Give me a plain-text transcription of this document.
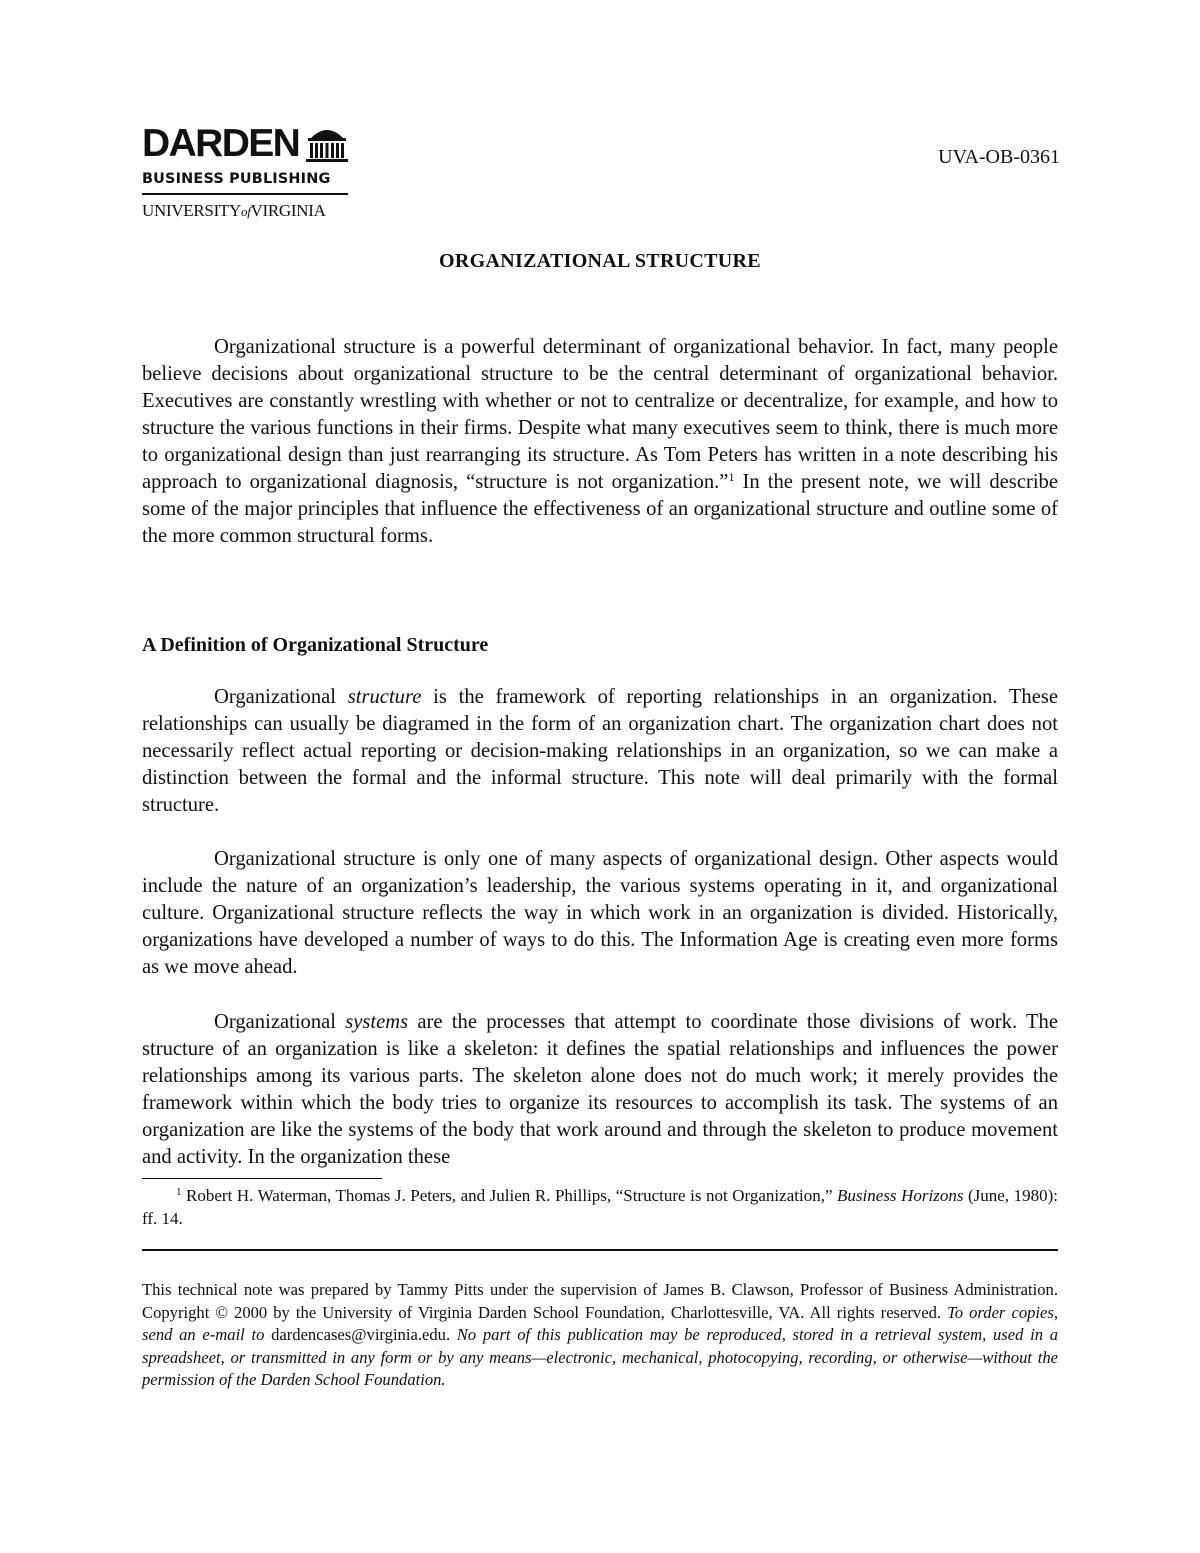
DARDEN
BUSINESS PUBLISHING
UNIVERSITYofVIRGINIA
UVA-OB-0361
ORGANIZATIONAL STRUCTURE

Organizational structure is a powerful determinant of organizational behavior. In fact, many people believe decisions about organizational structure to be the central determinant of organizational behavior. Executives are constantly wrestling with whether or not to centralize or decentralize, for example, and how to structure the various functions in their firms. Despite what many executives seem to think, there is much more to organizational design than just rearranging its structure. As Tom Peters has written in a note describing his approach to organizational diagnosis, “structure is not organization.”$^1$ In the present note, we will describe some of the major principles that influence the effectiveness of an organizational structure and outline some of the more common structural forms.

A Definition of Organizational Structure

Organizational structure is the framework of reporting relationships in an organization. These relationships can usually be diagramed in the form of an organization chart. The organization chart does not necessarily reflect actual reporting or decision-making relationships in an organization, so we can make a distinction between the formal and the informal structure. This note will deal primarily with the formal structure.

Organizational structure is only one of many aspects of organizational design. Other aspects would include the nature of an organization’s leadership, the various systems operating in it, and organizational culture. Organizational structure reflects the way in which work in an organization is divided. Historically, organizations have developed a number of ways to do this. The Information Age is creating even more forms as we move ahead.

Organizational systems are the processes that attempt to coordinate those divisions of work. The structure of an organization is like a skeleton: it defines the spatial relationships and influences the power relationships among its various parts. The skeleton alone does not do much work; it merely provides the framework within which the body tries to organize its resources to accomplish its task. The systems of an organization are like the systems of the body that work around and through the skeleton to produce movement and activity. In the organization these

$^1$ Robert H. Waterman, Thomas J. Peters, and Julien R. Phillips, “Structure is not Organization,” Business Horizons (June, 1980): ff. 14.

This technical note was prepared by Tammy Pitts under the supervision of James B. Clawson, Professor of Business Administration. Copyright © 2000 by the University of Virginia Darden School Foundation, Charlottesville, VA. All rights reserved. To order copies, send an e-mail to dardencases@virginia.edu. No part of this publication may be reproduced, stored in a retrieval system, used in a spreadsheet, or transmitted in any form or by any means—electronic, mechanical, photocopying, recording, or otherwise—without the permission of the Darden School Foundation.
